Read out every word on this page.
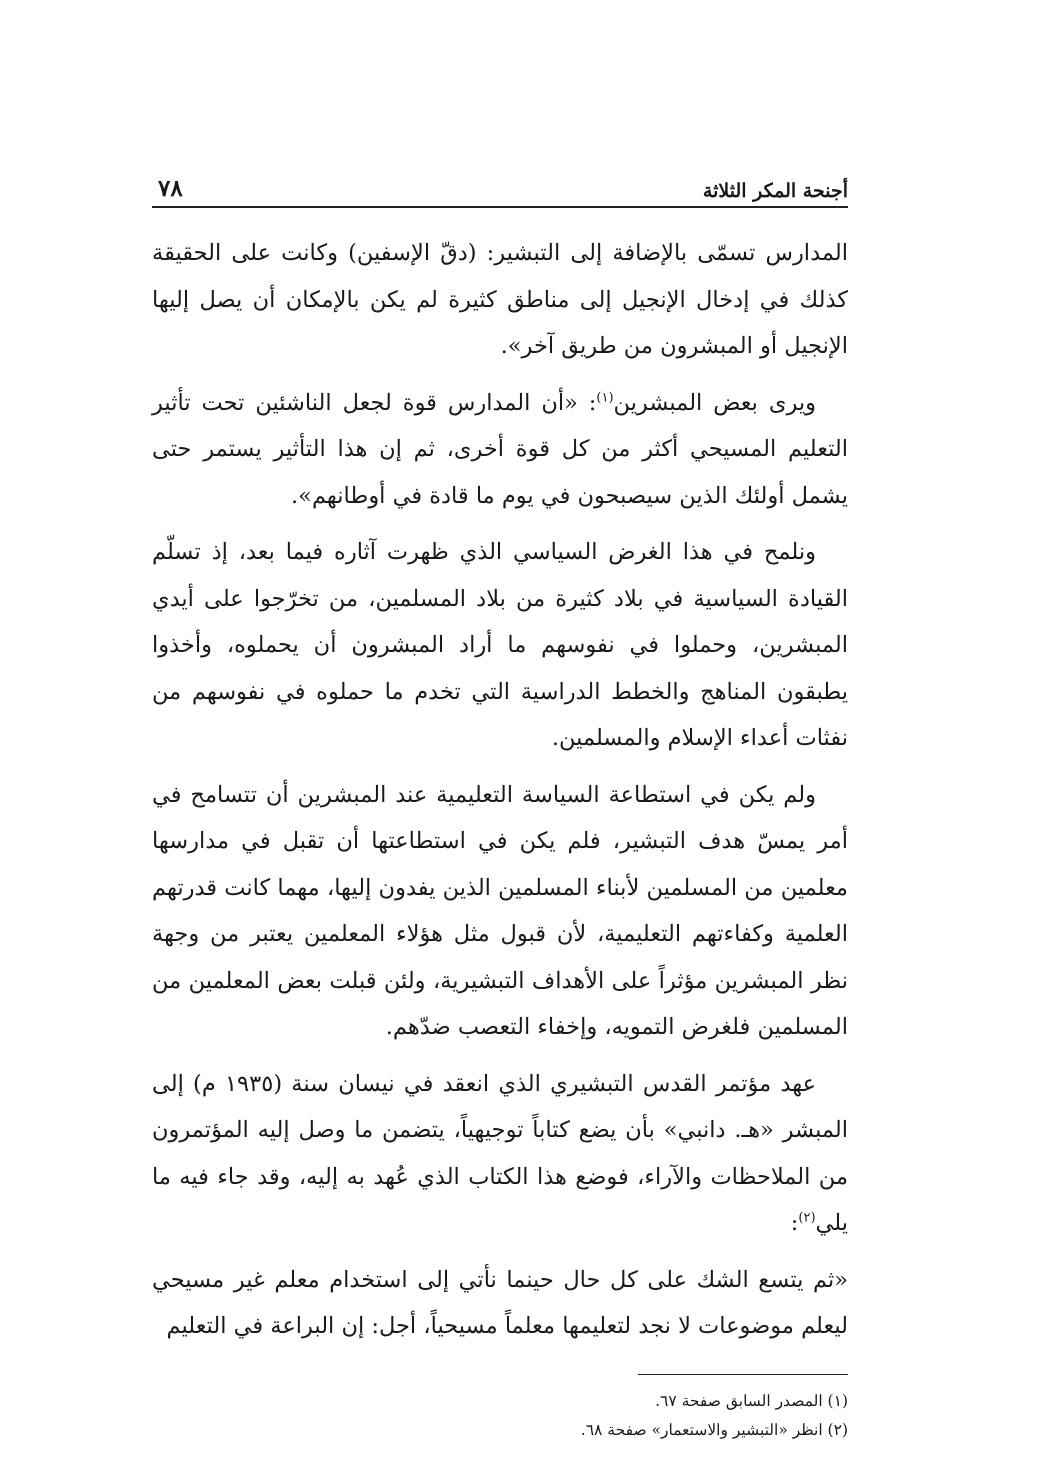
أجنحة المكر الثلاثة
٧٨

المدارس تسمّى بالإضافة إلى التبشير: (دقّ الإسفين) وكانت على الحقيقة كذلك في إدخال الإنجيل إلى مناطق كثيرة لم يكن بالإمكان أن يصل إليها الإنجيل أو المبشرون من طريق آخر».

ويرى بعض المبشرين$^{(١)}$: «أن المدارس قوة لجعل الناشئين تحت تأثير التعليم المسيحي أكثر من كل قوة أخرى، ثم إن هذا التأثير يستمر حتى يشمل أولئك الذين سيصبحون في يوم ما قادة في أوطانهم».

ونلمح في هذا الغرض السياسي الذي ظهرت آثاره فيما بعد، إذ تسلّم القيادة السياسية في بلاد كثيرة من بلاد المسلمين، من تخرّجوا على أيدي المبشرين، وحملوا في نفوسهم ما أراد المبشرون أن يحملوه، وأخذوا يطبقون المناهج والخطط الدراسية التي تخدم ما حملوه في نفوسهم من نفثات أعداء الإسلام والمسلمين.

ولم يكن في استطاعة السياسة التعليمية عند المبشرين أن تتسامح في أمر يمسّ هدف التبشير، فلم يكن في استطاعتها أن تقبل في مدارسها معلمين من المسلمين لأبناء المسلمين الذين يفدون إليها، مهما كانت قدرتهم العلمية وكفاءتهم التعليمية، لأن قبول مثل هؤلاء المعلمين يعتبر من وجهة نظر المبشرين مؤثراً على الأهداف التبشيرية، ولئن قبلت بعض المعلمين من المسلمين فلغرض التمويه، وإخفاء التعصب ضدّهم.

عهد مؤتمر القدس التبشيري الذي انعقد في نيسان سنة (١٩٣٥ م) إلى المبشر «هـ. دانبي» بأن يضع كتاباً توجيهياً، يتضمن ما وصل إليه المؤتمرون من الملاحظات والآراء، فوضع هذا الكتاب الذي عُهد به إليه، وقد جاء فيه ما يلي$^{(٢)}$:

«ثم يتسع الشك على كل حال حينما نأتي إلى استخدام معلم غير مسيحي ليعلم موضوعات لا نجد لتعليمها معلماً مسيحياً، أجل: إن البراعة في التعليم

(١) المصدر السابق صفحة ٦٧.

(٢) انظر «التبشير والاستعمار» صفحة ٦٨.
